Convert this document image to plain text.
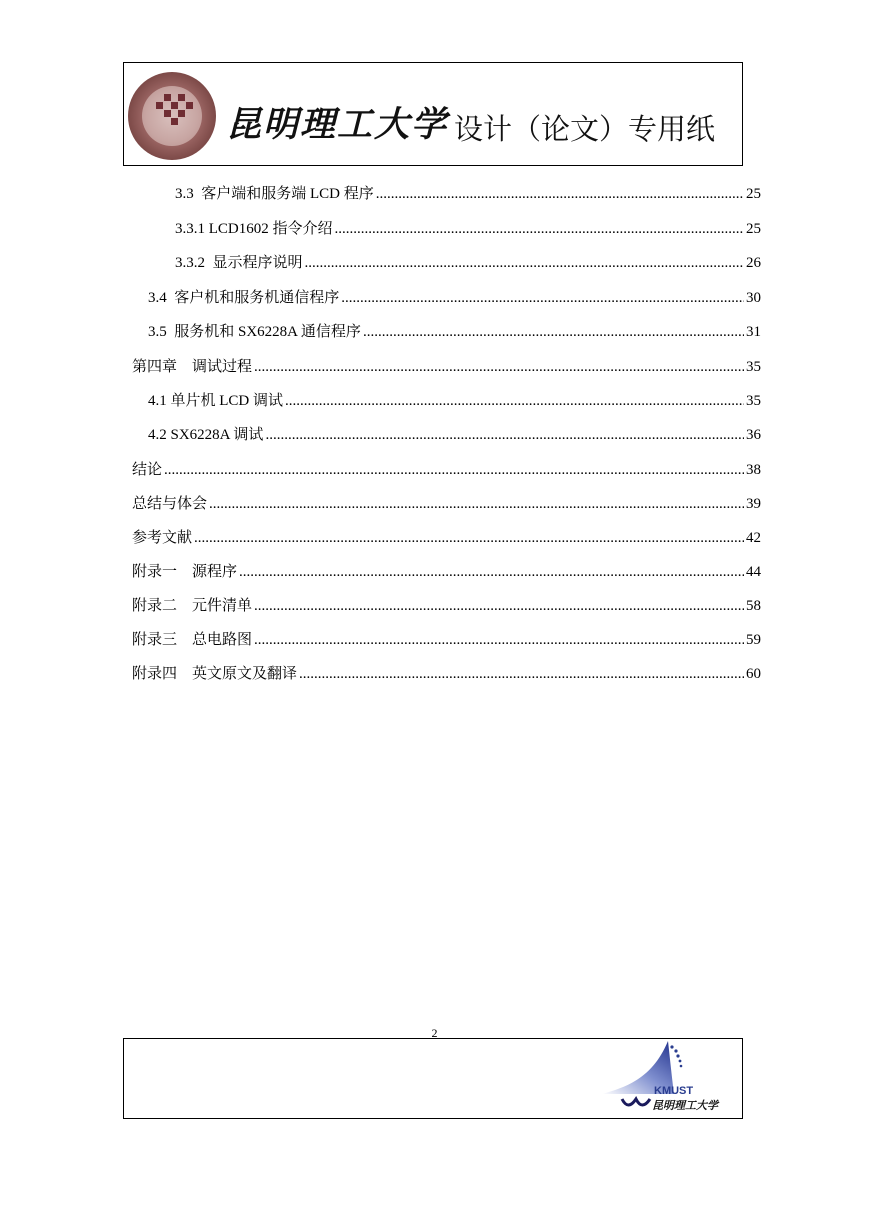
昆明理工大学 设计（论文）专用纸
3.3  客户端和服务端 LCD 程序 .....	25
3.3.1 LCD1602 指令介绍 .....	25
3.3.2  显示程序说明 .....	26
3.4  客户机和服务机通信程序 .....	30
3.5  服务机和 SX6228A 通信程序 .....	31
第四章    调试过程 .....	35
4.1 单片机 LCD 调试 .....	35
4.2 SX6228A 调试 .....	36
结论 .....	38
总结与体会 .....	39
参考文献 .....	42
附录一    源程序 .....	44
附录二    元件清单 .....	58
附录三    总电路图 .....	59
附录四    英文原文及翻译 .....	60
2
KMUST
昆明理工大学
